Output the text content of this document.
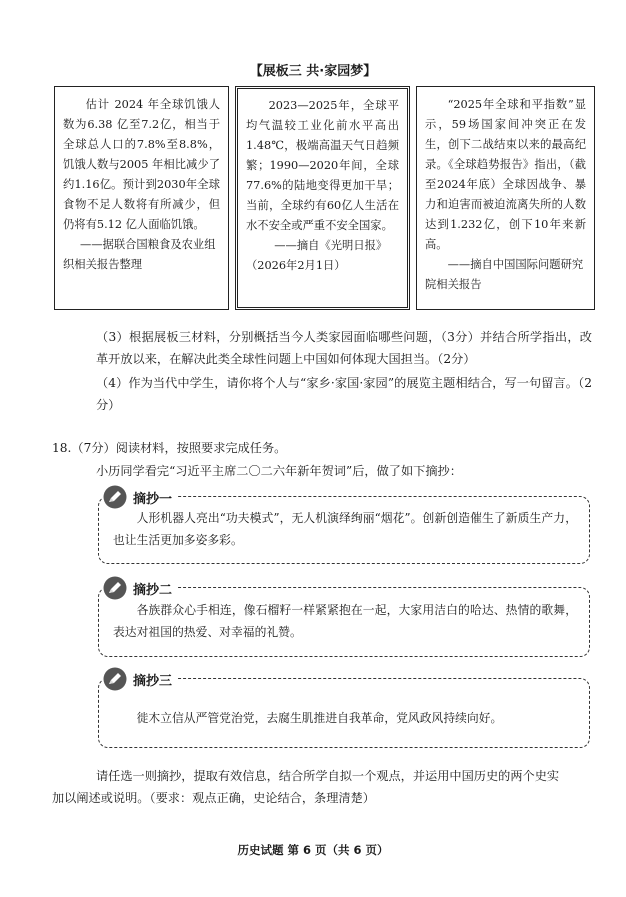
【展板三 共·家园梦】
估计 2024 年全球饥饿人数为6.38 亿至7.2亿，相当于全球总人口的7.8%至8.8%，饥饿人数与2005 年相比减少了约1.16亿。预计到2030年全球食物不足人数将有所减少，但仍将有5.12 亿人面临饥饿。
——据联合国粮食及农业组织相关报告整理
2023—2025年，全球平均气温较工业化前水平高出1.48℃，极端高温天气日趋频繁；1990—2020年间，全球77.6%的陆地变得更加干旱；当前，全球约有60亿人生活在水不安全或严重不安全国家。
——摘自《光明日报》（2026年2月1日）
“2025年全球和平指数”显示，59场国家间冲突正在发生，创下二战结束以来的最高纪录。《全球趋势报告》指出，（截至2024年底）全球因战争、暴力和迫害而被迫流离失所的人数达到1.232亿，创下10年来新高。
——摘自中国国际问题研究院相关报告
（3）根据展板三材料，分别概括当今人类家园面临哪些问题，（3分）并结合所学指出，改革开放以来，在解决此类全球性问题上中国如何体现大国担当。（2分）
（4）作为当代中学生，请你将个人与“家乡·家国·家园”的展览主题相结合，写一句留言。（2分）
18.（7分）阅读材料，按照要求完成任务。
小历同学看完“习近平主席二〇二六年新年贺词”后，做了如下摘抄：
摘抄一
人形机器人亮出“功夫模式”，无人机演绎绚丽“烟花”。创新创造催生了新质生产力，也让生活更加多姿多彩。
摘抄二
各族群众心手相连，像石榴籽一样紧紧抱在一起，大家用洁白的哈达、热情的歌舞，表达对祖国的热爱、对幸福的礼赞。
摘抄三
徙木立信从严管党治党，去腐生肌推进自我革命，党风政风持续向好。
请任选一则摘抄，提取有效信息，结合所学自拟一个观点，并运用中国历史的两个史实
加以阐述或说明。（要求：观点正确，史论结合，条理清楚）
历史试题 第 6 页（共 6 页）
